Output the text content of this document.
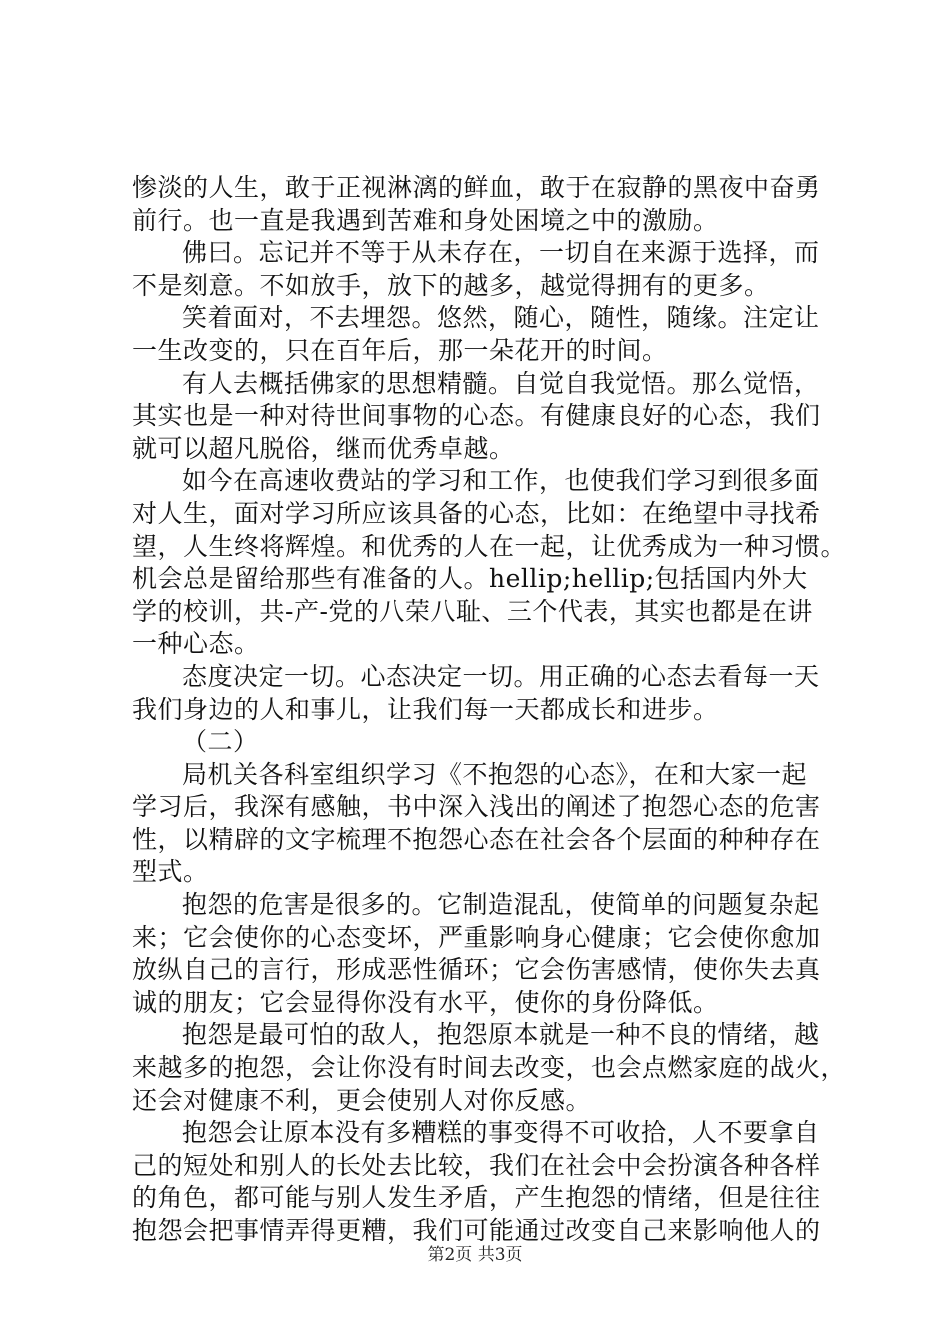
惨淡的人生，敢于正视淋漓的鲜血，敢于在寂静的黑夜中奋勇
前行。也一直是我遇到苦难和身处困境之中的激励。
佛曰。忘记并不等于从未存在，一切自在来源于选择，而
不是刻意。不如放手，放下的越多，越觉得拥有的更多。
笑着面对，不去埋怨。悠然，随心，随性，随缘。注定让
一生改变的，只在百年后，那一朵花开的时间。
有人去概括佛家的思想精髓。自觉自我觉悟。那么觉悟，
其实也是一种对待世间事物的心态。有健康良好的心态，我们
就可以超凡脱俗，继而优秀卓越。
如今在高速收费站的学习和工作，也使我们学习到很多面
对人生，面对学习所应该具备的心态，比如：在绝望中寻找希
望，人生终将辉煌。和优秀的人在一起，让优秀成为一种习惯。
机会总是留给那些有准备的人。hellip;hellip;包括国内外大
学的校训，共-产-党的八荣八耻、三个代表，其实也都是在讲
一种心态。
态度决定一切。心态决定一切。用正确的心态去看每一天
我们身边的人和事儿，让我们每一天都成长和进步。
（二）
局机关各科室组织学习《不抱怨的心态》，在和大家一起
学习后，我深有感触，书中深入浅出的阐述了抱怨心态的危害
性，以精辟的文字梳理不抱怨心态在社会各个层面的种种存在
型式。
抱怨的危害是很多的。它制造混乱，使简单的问题复杂起
来；它会使你的心态变坏，严重影响身心健康；它会使你愈加
放纵自己的言行，形成恶性循环；它会伤害感情，使你失去真
诚的朋友；它会显得你没有水平，使你的身份降低。
抱怨是最可怕的敌人，抱怨原本就是一种不良的情绪，越
来越多的抱怨，会让你没有时间去改变，也会点燃家庭的战火，
还会对健康不利，更会使别人对你反感。
抱怨会让原本没有多糟糕的事变得不可收拾，人不要拿自
己的短处和别人的长处去比较，我们在社会中会扮演各种各样
的角色，都可能与别人发生矛盾，产生抱怨的情绪，但是往往
抱怨会把事情弄得更糟，我们可能通过改变自己来影响他人的
第2页 共3页
